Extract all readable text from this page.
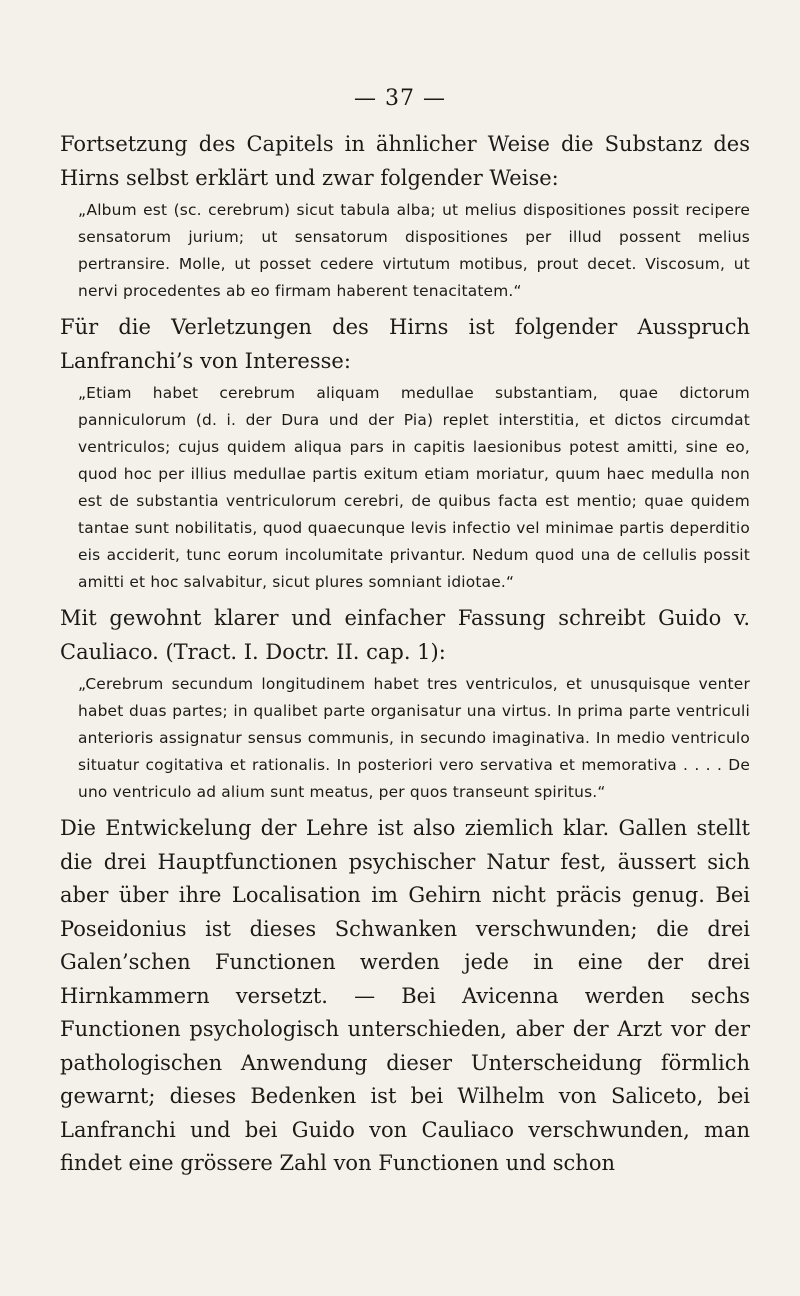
— 37 —

Fortsetzung des Capitels in ähnlicher Weise die Substanz des Hirns selbst erklärt und zwar folgender Weise:

„Album est (sc. cerebrum) sicut tabula alba; ut melius dispositiones possit recipere sensatorum jurium; ut sensatorum dispositiones per illud possent melius pertransire. Molle, ut posset cedere virtutum motibus, prout decet. Viscosum, ut nervi procedentes ab eo firmam haberent tenacitatem.“

Für die Verletzungen des Hirns ist folgender Ausspruch Lanfranchi’s von Interesse:

„Etiam habet cerebrum aliquam medullae substantiam, quae dictorum panniculorum (d. i. der Dura und der Pia) replet interstitia, et dictos circumdat ventriculos; cujus quidem aliqua pars in capitis laesionibus potest amitti, sine eo, quod hoc per illius medullae partis exitum etiam moriatur, quum haec medulla non est de substantia ventriculorum cerebri, de quibus facta est mentio; quae quidem tantae sunt nobilitatis, quod quaecunque levis infectio vel minimae partis deperditio eis acciderit, tunc eorum incolumitate privantur. Nedum quod una de cellulis possit amitti et hoc salvabitur, sicut plures somniant idiotae.“

Mit gewohnt klarer und einfacher Fassung schreibt Guido v. Cauliaco. (Tract. I. Doctr. II. cap. 1):

„Cerebrum secundum longitudinem habet tres ventriculos, et unusquisque venter habet duas partes; in qualibet parte organisatur una virtus. In prima parte ventriculi anterioris assignatur sensus communis, in secundo imaginativa. In medio ventriculo situatur cogitativa et rationalis. In posteriori vero servativa et memorativa . . . . De uno ventriculo ad alium sunt meatus, per quos transeunt spiritus.“

Die Entwickelung der Lehre ist also ziemlich klar. Gallen stellt die drei Hauptfunctionen psychischer Natur fest, äussert sich aber über ihre Localisation im Gehirn nicht präcis genug. Bei Poseidonius ist dieses Schwanken verschwunden; die drei Galen’schen Functionen werden jede in eine der drei Hirnkammern versetzt. — Bei Avicenna werden sechs Functionen psychologisch unterschieden, aber der Arzt vor der pathologischen Anwendung dieser Unterscheidung förmlich gewarnt; dieses Bedenken ist bei Wilhelm von Saliceto, bei Lanfranchi und bei Guido von Cauliaco verschwunden, man findet eine grössere Zahl von Functionen und schon
